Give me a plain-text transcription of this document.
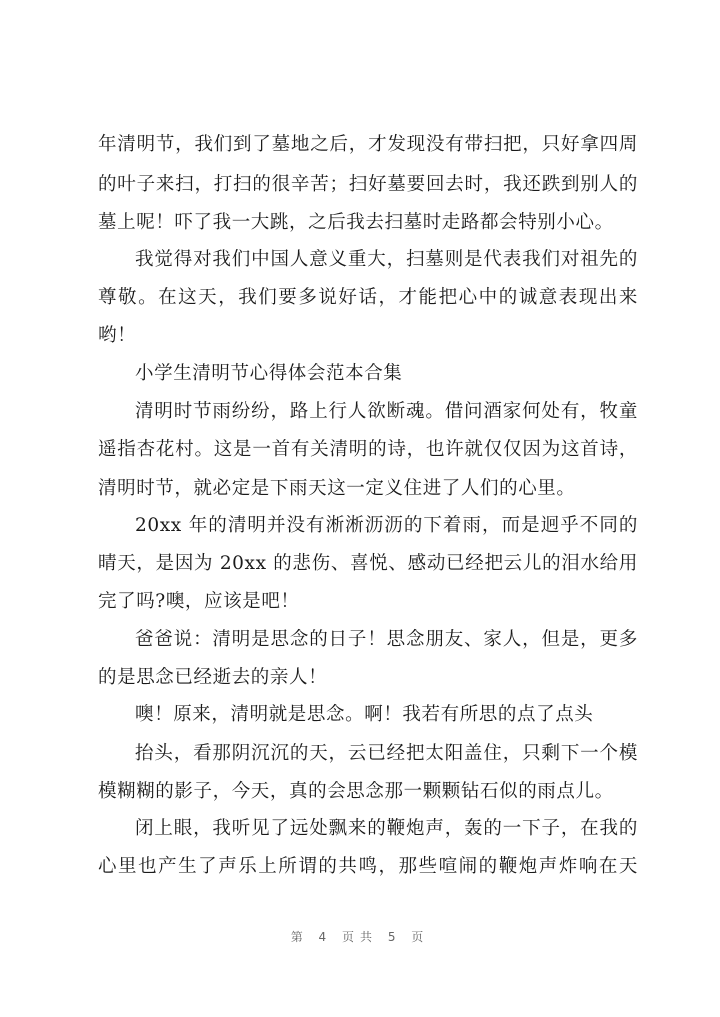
年清明节，我们到了墓地之后，才发现没有带扫把，只好拿四周
的叶子来扫，打扫的很辛苦；扫好墓要回去时，我还跌到别人的
墓上呢！吓了我一大跳，之后我去扫墓时走路都会特别小心。
我觉得对我们中国人意义重大，扫墓则是代表我们对祖先的
尊敬。在这天，我们要多说好话，才能把心中的诚意表现出来
哟！
小学生清明节心得体会范本合集
清明时节雨纷纷，路上行人欲断魂。借问酒家何处有，牧童
遥指杏花村。这是一首有关清明的诗，也许就仅仅因为这首诗，
清明时节，就必定是下雨天这一定义住进了人们的心里。
20xx 年的清明并没有淅淅沥沥的下着雨，而是迥乎不同的
晴天，是因为 20xx 的悲伤、喜悦、感动已经把云儿的泪水给用
完了吗?噢，应该是吧！
爸爸说：清明是思念的日子！思念朋友、家人，但是，更多
的是思念已经逝去的亲人！
噢！原来，清明就是思念。啊！我若有所思的点了点头
抬头，看那阴沉沉的天，云已经把太阳盖住，只剩下一个模
模糊糊的影子，今天，真的会思念那一颗颗钻石似的雨点儿。
闭上眼，我听见了远处飘来的鞭炮声，轰的一下子，在我的
心里也产生了声乐上所谓的共鸣，那些喧闹的鞭炮声炸响在天
第 4 页共 5 页
